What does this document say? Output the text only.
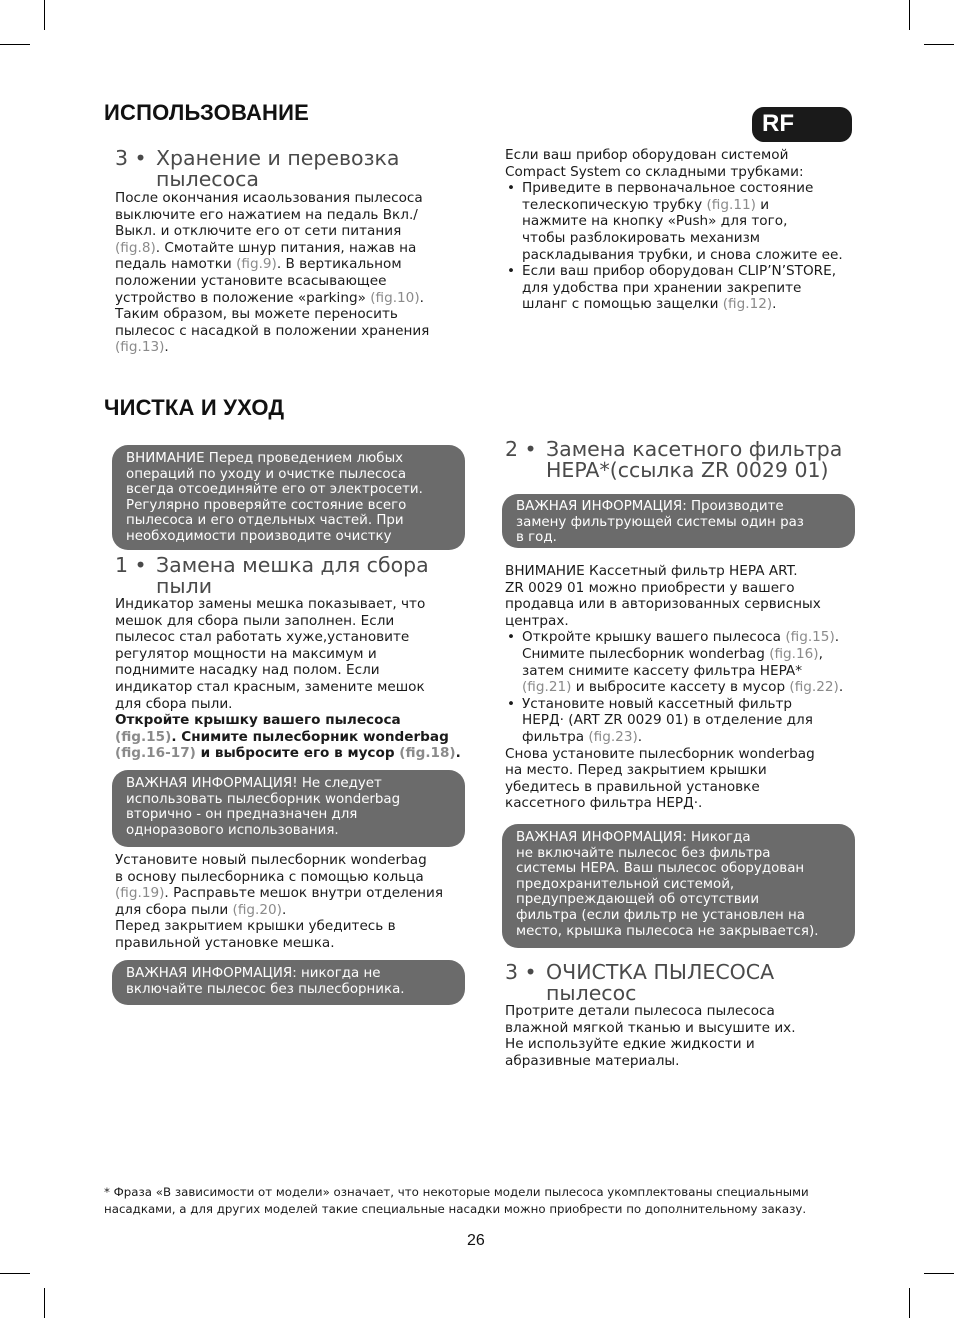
ИСПОЛЬЗОВАНИЕ	RF
3 • Хранение и перевозка
пылесоса

После окончания исаользования пылесоса

выключите его нажатием на педаль Вкл./

Выкл. и отключите его от сети питания

(fig.8). Смотайте шнур питания, нажав на

педаль намотки (fig.9). В вертикальном

положении установите всасывающее

устройство в положение «parking» (fig.10).

Таким образом, вы можете переносить

пылесос с насадкой в положении хранения

(fig.13).

Если ваш прибор оборудован системой

Compact System со складными трубками:

• Приведите в первоначальное состояние
телескопическую трубку (fig.11) и
нажмите на кнопку «Push» для того,
чтобы разблокировать механизм
раскладывания трубки, и снова сложите ее.
• Если ваш прибор оборудован CLIP’N’STORE,
для удобства при хранении закрепите
шланг с помощью защелки (fig.12).
ЧИСТКА И УХОД
ВНИМАНИЕ Перед проведением любых
операций по уходу и очистке пылесоса
всегда отсоединяйте его от электросети.
Регулярно проверяйте состояние всего
пылесоса и его отдельных частей. При
необходимости производите очистку
1 • Замена мешка для сбора
пыли

Индикатор замены мешка показывает, что

мешок для сбора пыли заполнен. Если

пылесос стал работать хуже,установите

регулятор мощности на максимум и

поднимите насадку над полом. Если

индикатор стал красным, замените мешок

для сбора пыли.

Откройте крышку вашего пылесоса

(fig.15). Снимите пылесборник wonderbag

(fig.16-17) и выбросите его в мусор (fig.18).

ВАЖНАЯ ИНФОРМАЦИЯ! Не следует
использовать пылесборник wonderbag
вторично - он предназначен для
одноразового использования.

Установите новый пылесборник wonderbag

в основу пылесборника с помощью кольца

(fig.19). Расправьте мешок внутри отделения

для сбора пыли (fig.20).

Перед закрытием крышки убедитесь в

правильной установке мешка.

ВАЖНАЯ ИНФОРМАЦИЯ: никогда не
включайте пылесос без пылесборника.
2 • Замена касетного фильтра
HEPA*(ссылка ZR 0029 01)
ВАЖНАЯ ИНФОРМАЦИЯ: Производите
замену фильтрующей системы один раз
в год.

ВНИМАНИЕ Кассетный фильтр HEPA ART.

ZR 0029 01 можно приобрести у вашего

продавца или в авторизованных сервисных

центрах.

• Откройте крышку вашего пылесоса (fig.15).
Снимите пылесборник wonderbag (fig.16),
затем снимите кассету фильтра HEPA*
(fig.21) и выбросите кассету в мусор (fig.22).
• Установите новый кассетный фильтр
НЕРД· (ART ZR 0029 01) в отделение для
фильтра (fig.23).

Снова установите пылесборник wonderbag

на место. Перед закрытием крышки

убедитесь в правильной установке

кассетного фильтра НЕРД·.

ВАЖНАЯ ИНФОРМАЦИЯ: Никогда
не включайте пылесос без фильтра
системы HEPA. Ваш пылесос оборудован
предохранительной системой,
предупреждающей об отсутствии
фильтра (если фильтр не установлен на
место, крышка пылесоса не закрывается).
3 • ОЧИСТКА ПЫЛЕСОСА
пылесос

Протрите детали пылесоса пылесоса

влажной мягкой тканью и высушите их.

Не используйте едкие жидкости и

абразивные материалы.

* Фраза «В зависимости от модели» означает, что некоторые модели пылесоса укомплектованы специальными
насадками, а для других моделей такие специальные насадки можно приобрести по дополнительному заказу.
26
